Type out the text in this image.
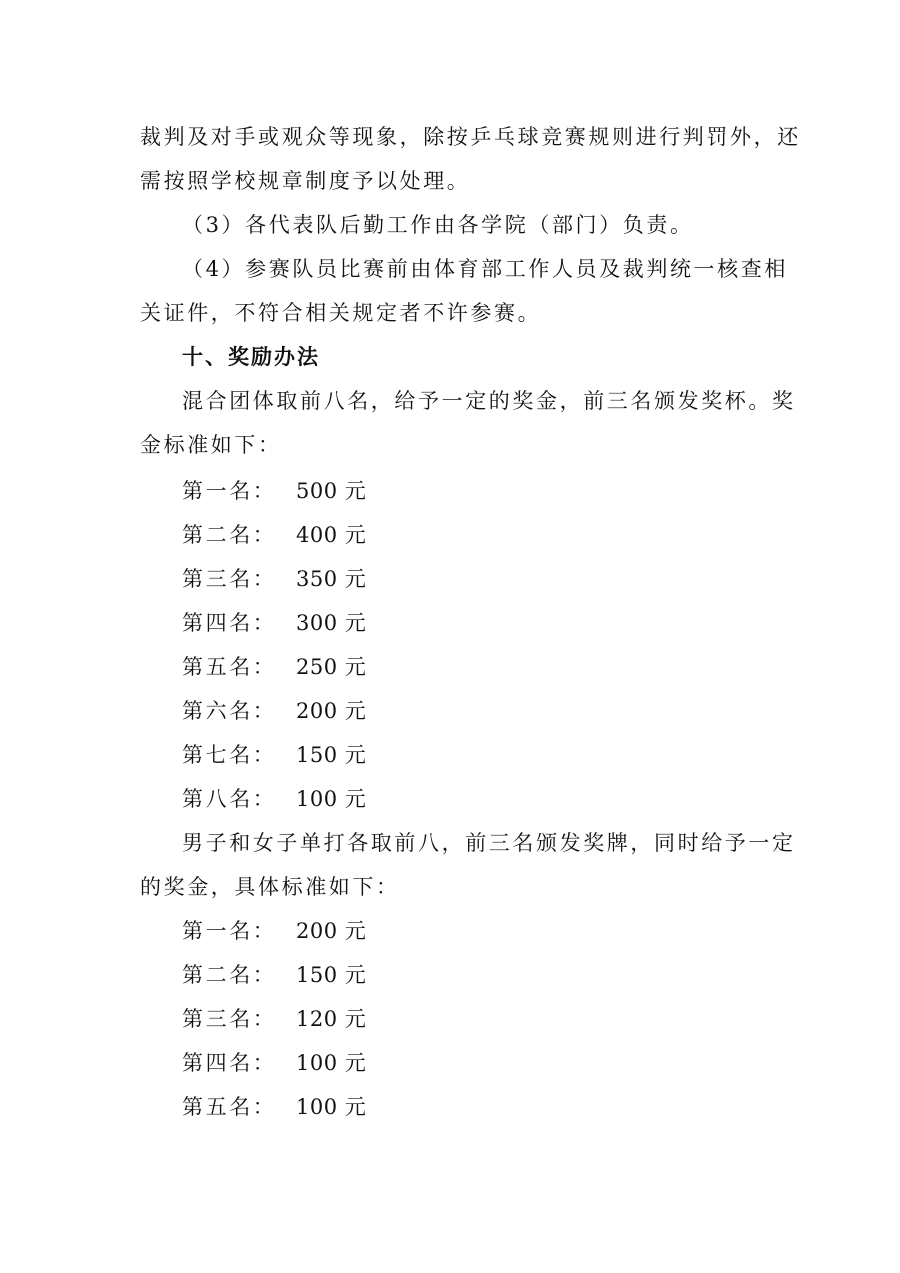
裁判及对手或观众等现象，除按乒乓球竞赛规则进行判罚外，还
需按照学校规章制度予以处理。
（3）各代表队后勤工作由各学院（部门）负责。
（4）参赛队员比赛前由体育部工作人员及裁判统一核查相
关证件，不符合相关规定者不许参赛。
十、奖励办法
混合团体取前八名，给予一定的奖金，前三名颁发奖杯。奖
金标准如下：
第一名： 500 元
第二名： 400 元
第三名： 350 元
第四名： 300 元
第五名： 250 元
第六名： 200 元
第七名： 150 元
第八名： 100 元
男子和女子单打各取前八，前三名颁发奖牌，同时给予一定
的奖金，具体标准如下：
第一名： 200 元
第二名： 150 元
第三名： 120 元
第四名： 100 元
第五名： 100 元
